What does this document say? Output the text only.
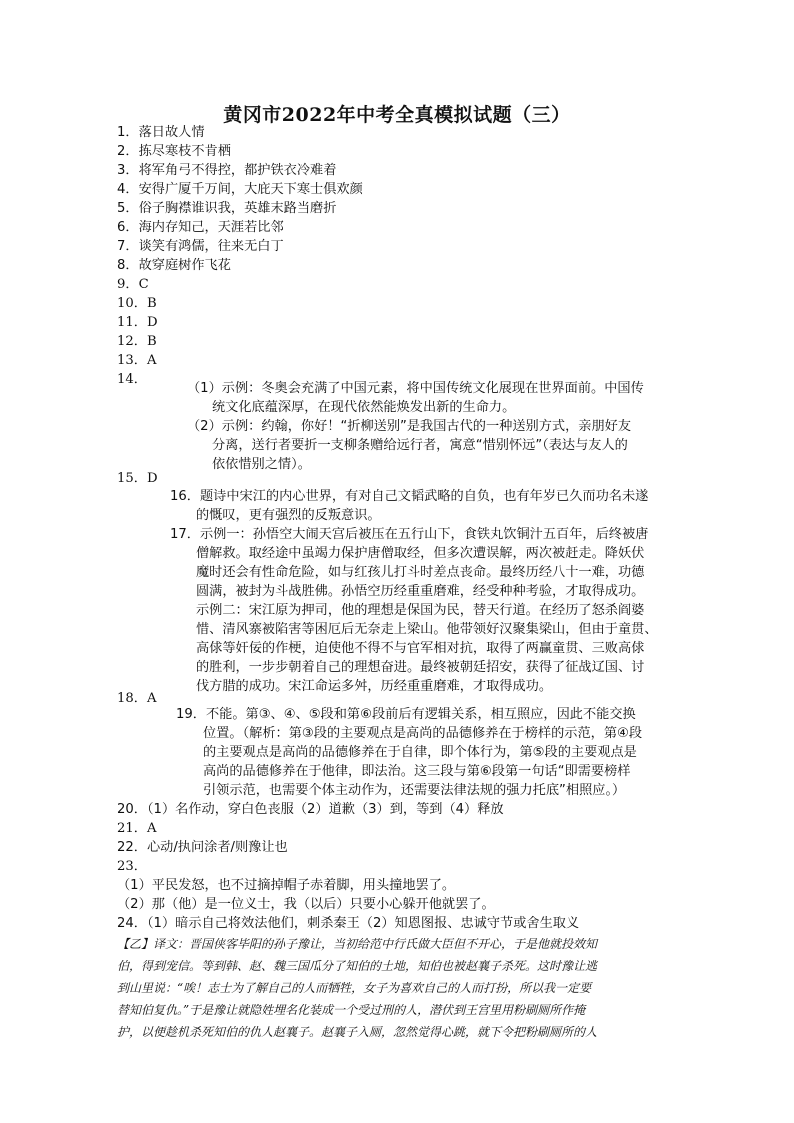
黄冈市2022年中考全真模拟试题（三）
1．落日故人情
2．拣尽寒枝不肯栖
3．将军角弓不得控，都护铁衣冷难着
4．安得广厦千万间，大庇天下寒士俱欢颜
5．俗子胸襟谁识我，英雄末路当磨折
6．海内存知己，天涯若比邻
7．谈笑有鸿儒，往来无白丁
8．故穿庭树作飞花
9．C
10．B
11．D
12．B
13．A
14．
（1）示例：冬奥会充满了中国元素，将中国传统文化展现在世界面前。中国传
统文化底蕴深厚，在现代依然能焕发出新的生命力。
（2）示例：约翰，你好！“折柳送别”是我国古代的一种送别方式，亲朋好友
分离，送行者要折一支柳条赠给远行者，寓意“惜别怀远”（表达与友人的
依依惜别之情）。
15．D
16．题诗中宋江的内心世界，有对自己文韬武略的自负，也有年岁已久而功名未遂
的慨叹，更有强烈的反叛意识。
17．示例一：孙悟空大闹天宫后被压在五行山下，食铁丸饮铜汁五百年，后终被唐
僧解救。取经途中虽竭力保护唐僧取经，但多次遭误解，两次被赶走。降妖伏
魔时还会有性命危险，如与红孩儿打斗时差点丧命。最终历经八十一难，功德
圆满，被封为斗战胜佛。孙悟空历经重重磨难，经受种种考验，才取得成功。
示例二：宋江原为押司，他的理想是保国为民，替天行道。在经历了怒杀阎婆
惜、清风寨被陷害等困厄后无奈走上梁山。他带领好汉聚集梁山，但由于童贯、
高俅等奸佞的作梗，迫使他不得不与官军相对抗，取得了两赢童贯、三败高俅
的胜利，一步步朝着自己的理想奋进。最终被朝廷招安，获得了征战辽国、讨
伐方腊的成功。宋江命运多舛，历经重重磨难，才取得成功。
18．A
19．不能。第③、④、⑤段和第⑥段前后有逻辑关系，相互照应，因此不能交换
位置。（解析：第③段的主要观点是高尚的品德修养在于榜样的示范，第④段
的主要观点是高尚的品德修养在于自律，即个体行为，第⑤段的主要观点是
高尚的品德修养在于他律，即法治。这三段与第⑥段第一句话“即需要榜样
引领示范，也需要个体主动作为，还需要法律法规的强力托底”相照应。）
20．（1）名作动，穿白色丧服（2）道歉（3）到，等到（4）释放
21．A
22．心动/执问涂者/则豫让也
23．
（1）平民发怒，也不过摘掉帽子赤着脚，用头撞地罢了。
（2）那（他）是一位义士，我（以后）只要小心躲开他就罢了。
24．（1）暗示自己将效法他们，刺杀秦王（2）知恩图报、忠诚守节或舍生取义
【乙】译文：晋国侠客毕阳的孙子豫让，当初给范中行氏做大臣但不开心，于是他就投效知
伯，得到宠信。等到韩、赵、魏三国瓜分了知伯的土地，知伯也被赵襄子杀死。这时豫让逃
到山里说：“唉！志士为了解自己的人而牺牲，女子为喜欢自己的人而打扮，所以我一定要
替知伯复仇。”于是豫让就隐姓埋名化装成一个受过刑的人，潜伏到王宫里用粉刷厕所作掩
护，以便趁机杀死知伯的仇人赵襄子。赵襄子入厕，忽然觉得心跳，就下令把粉刷厕所的人
